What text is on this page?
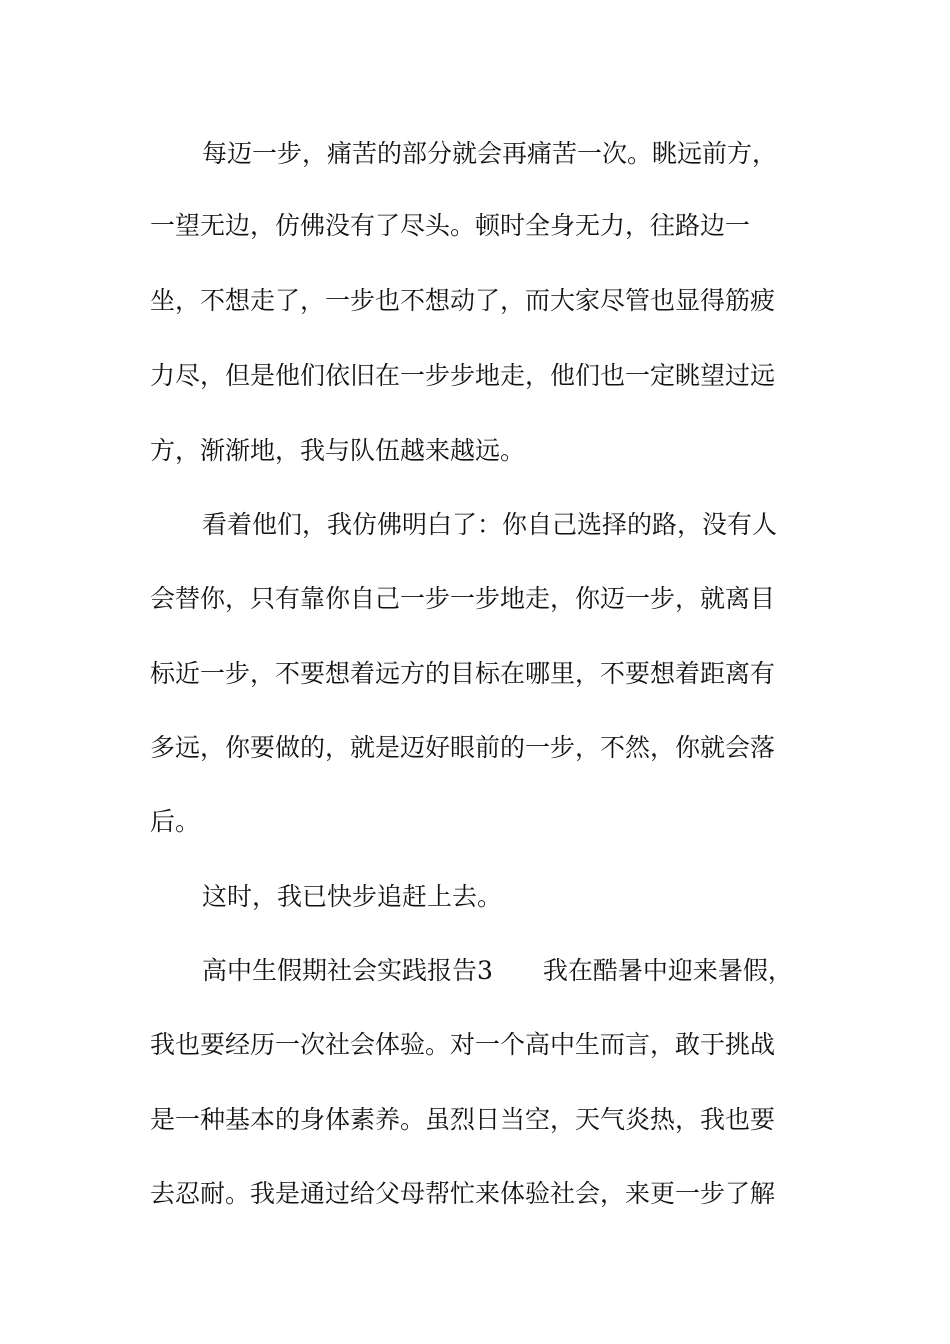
每迈一步，痛苦的部分就会再痛苦一次。眺远前方，
一望无边，仿佛没有了尽头。顿时全身无力，往路边一
坐，不想走了，一步也不想动了，而大家尽管也显得筋疲
力尽，但是他们依旧在一步步地走，他们也一定眺望过远
方，渐渐地，我与队伍越来越远。
看着他们，我仿佛明白了：你自己选择的路，没有人
会替你，只有靠你自己一步一步地走，你迈一步，就离目
标近一步，不要想着远方的目标在哪里，不要想着距离有
多远，你要做的，就是迈好眼前的一步，不然，你就会落
后。
这时，我已快步追赶上去。
高中生假期社会实践报告3　　我在酷暑中迎来暑假，
我也要经历一次社会体验。对一个高中生而言，敢于挑战
是一种基本的身体素养。虽烈日当空，天气炎热，我也要
去忍耐。我是通过给父母帮忙来体验社会，来更一步了解
